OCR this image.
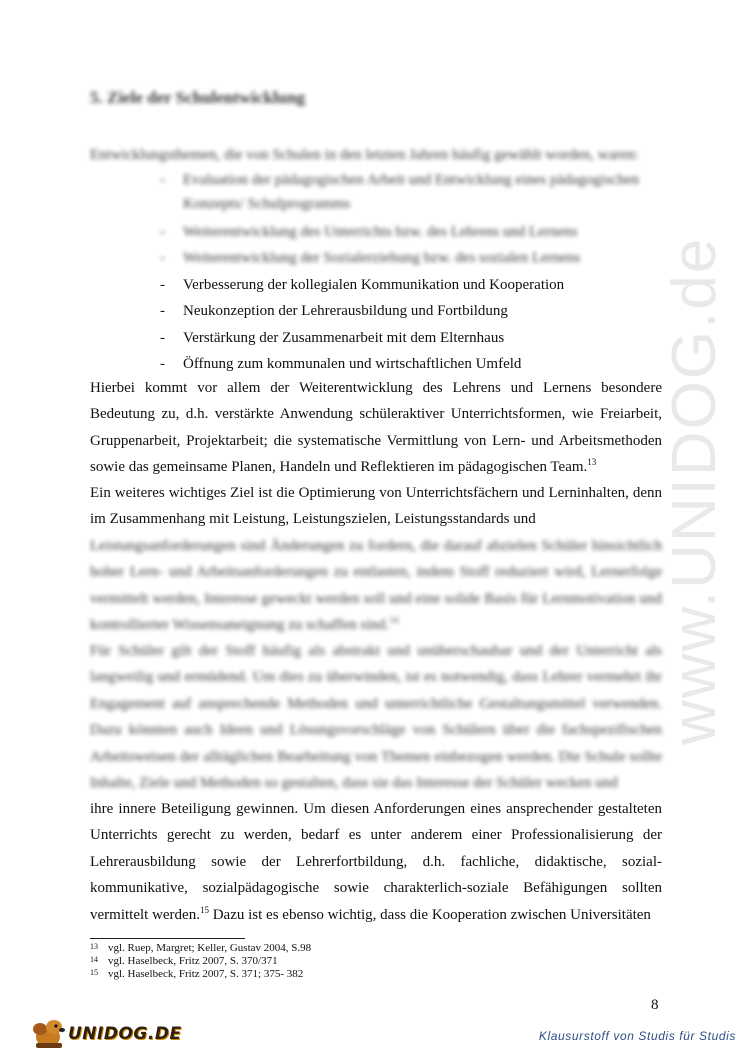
www.UNIDOG.de
5. Ziele der Schulentwicklung

Entwicklungsthemen, die von Schulen in den letzten Jahren häufig gewählt worden, waren:

- Evaluation der pädagogischen Arbeit und Entwicklung eines pädagogischen Konzepts/ Schulprogramms
- Weiterentwicklung des Unterrichts bzw. des Lehrens und Lernens
- Weiterentwicklung der Sozialerziehung bzw. des sozialen Lernens
- Verbesserung der kollegialen Kommunikation und Kooperation
- Neukonzeption der Lehrerausbildung und Fortbildung
- Verstärkung der Zusammenarbeit mit dem Elternhaus
- Öffnung zum kommunalen und wirtschaftlichen Umfeld

Hierbei kommt vor allem der Weiterentwicklung des Lehrens und Lernens besondere Bedeutung zu, d.h. verstärkte Anwendung schüleraktiver Unterrichtsformen, wie Freiarbeit, Gruppenarbeit, Projektarbeit; die systematische Vermittlung von Lern- und Arbeitsmethoden sowie das gemeinsame Planen, Handeln und Reflektieren im pädagogischen Team.$^{13}$

Ein weiteres wichtiges Ziel ist die Optimierung von Unterrichtsfächern und Lerninhalten, denn im Zusammenhang mit Leistung, Leistungszielen, Leistungsstandards und

Leistungsanforderungen sind Änderungen zu fordern, die darauf abzielen Schüler hinsichtlich hoher Lern- und Arbeitsanforderungen zu entlasten, indem Stoff reduziert wird, Lernerfolge vermittelt werden, Interesse geweckt werden soll und eine solide Basis für Lernmotivation und kontrollierter Wissensaneignung zu schaffen sind.$^{14}$

Für Schüler gilt der Stoff häufig als abstrakt und unüberschaubar und der Unterricht als langweilig und ermüdend. Um dies zu überwinden, ist es notwendig, dass Lehrer vermehrt ihr Engagement auf ansprechende Methoden und unterrichtliche Gestaltungsmittel verwenden. Dazu könnten auch Ideen und Lösungsvorschläge von Schülern über die fachspezifischen Arbeitsweisen der alltäglichen Bearbeitung von Themen einbezogen werden. Die Schule sollte Inhalte, Ziele und Methoden so gestalten, dass sie das Interesse der Schüler wecken und

ihre innere Beteiligung gewinnen. Um diesen Anforderungen eines ansprechender gestalteten Unterrichts gerecht zu werden, bedarf es unter anderem einer Professionalisierung der Lehrerausbildung sowie der Lehrerfortbildung, d.h. fachliche, didaktische, sozial-kommunikative, sozialpädagogische sowie charakterlich-soziale Befähigungen sollten vermittelt werden.$^{15}$ Dazu ist es ebenso wichtig, dass die Kooperation zwischen Universitäten

13 vgl. Ruep, Margret; Keller, Gustav 2004, S.98
14 vgl. Haselbeck, Fritz 2007, S. 370/371
15 vgl. Haselbeck, Fritz 2007, S. 371; 375- 382
8
UNIDOG.DE	Klausurstoff von Studis für Studis
